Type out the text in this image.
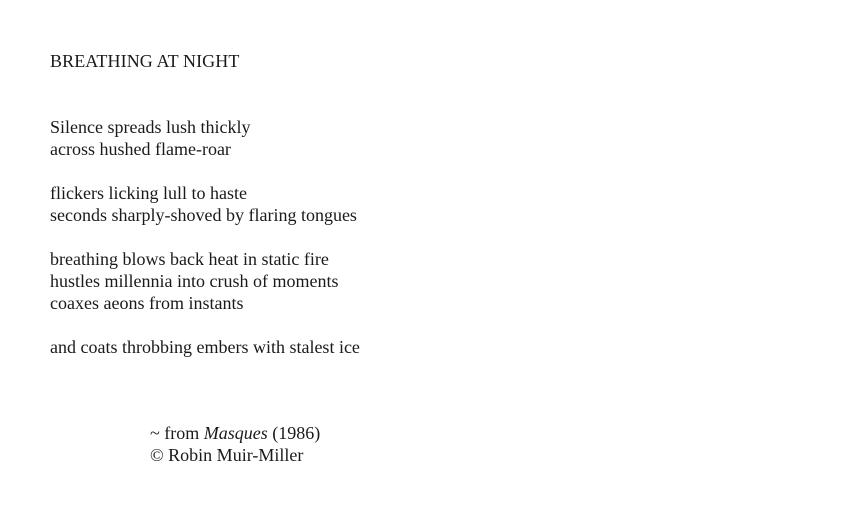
BREATHING AT NIGHT
Silence spreads lush thickly
across hushed flame-roar
flickers licking lull to haste
seconds sharply-shoved by flaring tongues
breathing blows back heat in static fire
hustles millennia into crush of moments
coaxes aeons from instants
and coats throbbing embers with stalest ice
~ from Masques (1986)
© Robin Muir-Miller
